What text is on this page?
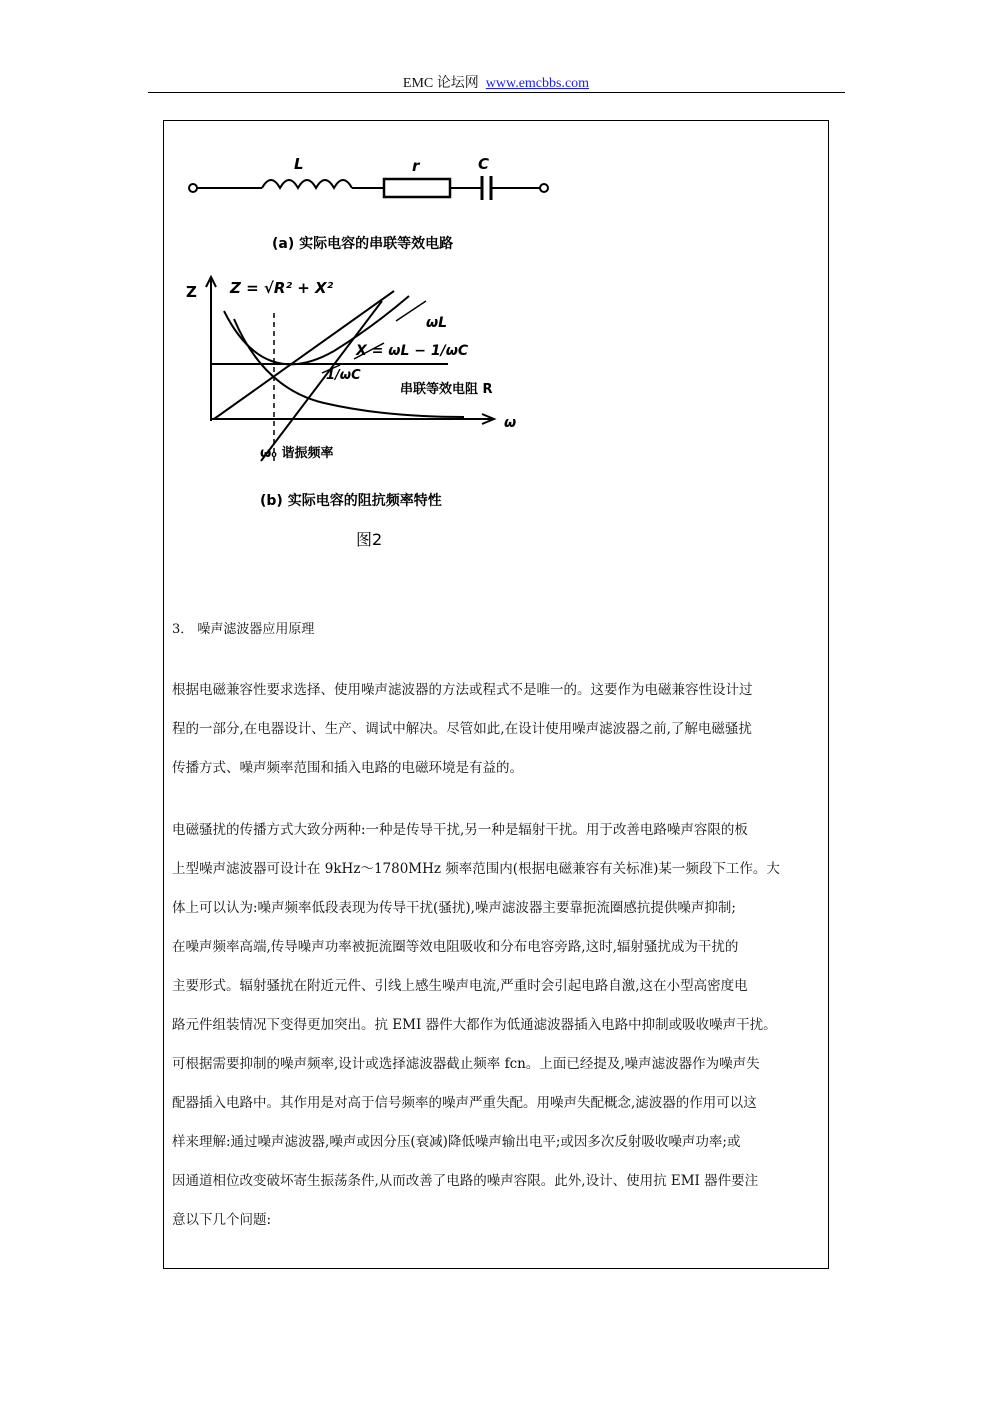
EMC 论坛网 www.emcbbs.com
L	r	C
(a) 实际电容的串联等效电路
Z Z = √R² + X²
ωL
X = ωL − 1/ωC
1/ωC
串联等效电阻 R
ω
ω₀ 谐振频率
(b) 实际电容的阻抗频率特性
图2
3． 噪声滤波器应用原理
根据电磁兼容性要求选择、使用噪声滤波器的方法或程式不是唯一的。这要作为电磁兼容性设计过
程的一部分,在电器设计、生产、调试中解决。尽管如此,在设计使用噪声滤波器之前,了解电磁骚扰
传播方式、噪声频率范围和插入电路的电磁环境是有益的。
电磁骚扰的传播方式大致分两种:一种是传导干扰,另一种是辐射干扰。用于改善电路噪声容限的板
上型噪声滤波器可设计在 9kHz～1780MHz 频率范围内(根据电磁兼容有关标准)某一频段下工作。大
体上可以认为:噪声频率低段表现为传导干扰(骚扰),噪声滤波器主要靠扼流圈感抗提供噪声抑制;
在噪声频率高端,传导噪声功率被扼流圈等效电阻吸收和分布电容旁路,这时,辐射骚扰成为干扰的
主要形式。辐射骚扰在附近元件、引线上感生噪声电流,严重时会引起电路自激,这在小型高密度电
路元件组装情况下变得更加突出。抗 EMI 器件大都作为低通滤波器插入电路中抑制或吸收噪声干扰。
可根据需要抑制的噪声频率,设计或选择滤波器截止频率 fcn。上面已经提及,噪声滤波器作为噪声失
配器插入电路中。其作用是对高于信号频率的噪声严重失配。用噪声失配概念,滤波器的作用可以这
样来理解:通过噪声滤波器,噪声或因分压(衰减)降低噪声输出电平;或因多次反射吸收噪声功率;或
因通道相位改变破坏寄生振荡条件,从而改善了电路的噪声容限。此外,设计、使用抗 EMI 器件要注
意以下几个问题:
